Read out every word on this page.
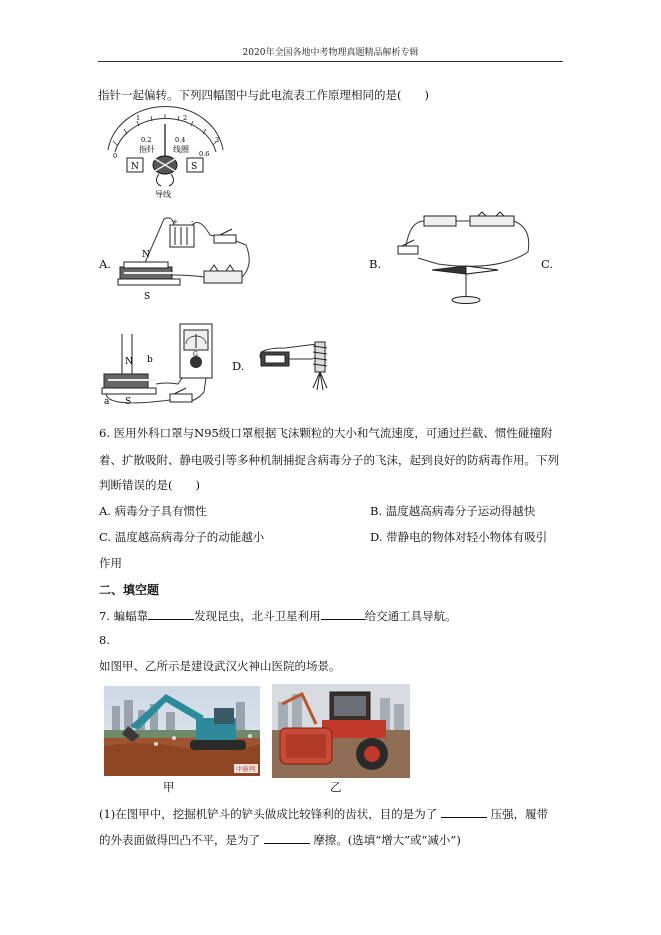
2020年全国各地中考物理真题精品解析专辑
指针一起偏转。下列四幅图中与此电流表工作原理相同的是(　　)
0
0.2	0.4
0.6
1	2
3
指针 线圈
N	S
导线
A.
+ -
N
S
B.	C.
N b
a S
G
D.
6. 医用外科口罩与N95级口罩根据飞沫颗粒的大小和气流速度，可通过拦截、惯性碰撞附
着、扩散吸附、静电吸引等多种机制捕捉含病毒分子的飞沫，起到良好的防病毒作用。下列
判断错误的是(　　)
A. 病毒分子具有惯性	B. 温度越高病毒分子运动得越快
C. 温度越高病毒分子的动能越小	D. 带静电的物体对轻小物体有吸引
作用
二、填空题
7. 蝙蝠靠	发现昆虫，北斗卫星利用	给交通工具导航。
8.
如图甲、乙所示是建设武汉火神山医院的场景。
中新网
甲	乙
(1)在图甲中，挖掘机铲斗的铲头做成比较锋利的齿状，目的是为了	压强，履带
的外表面做得凹凸不平，是为了	摩擦。(选填“增大”或“减小”)
